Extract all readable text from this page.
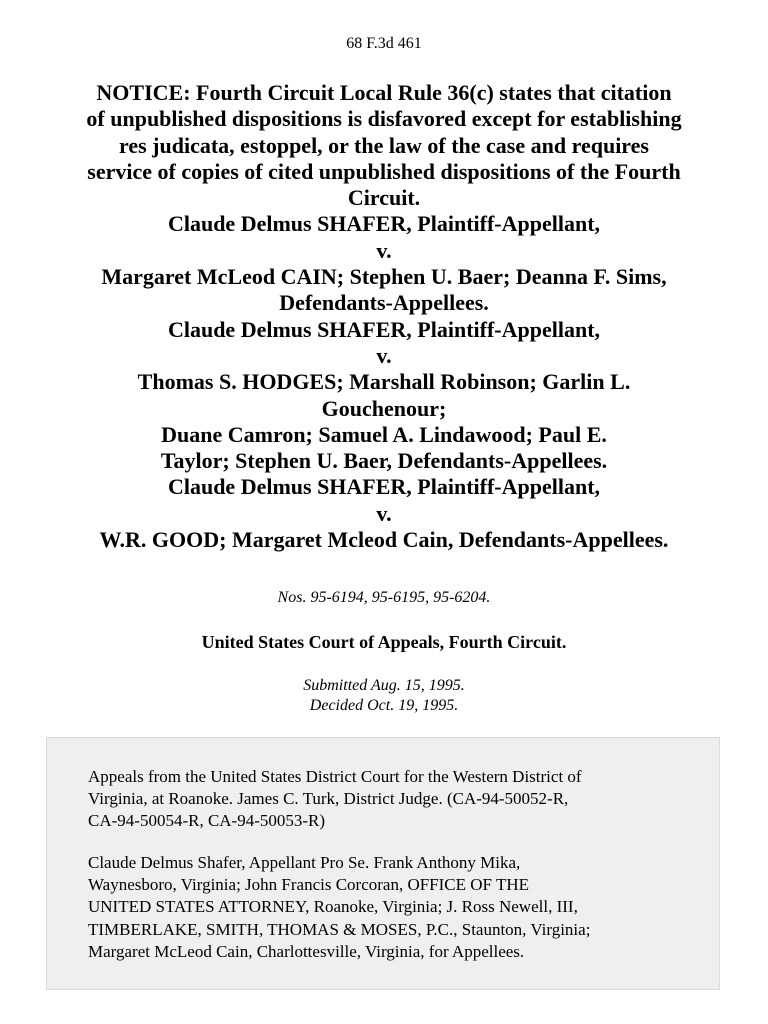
68 F.3d 461
NOTICE: Fourth Circuit Local Rule 36(c) states that citation
of unpublished dispositions is disfavored except for establishing
res judicata, estoppel, or the law of the case and requires
service of copies of cited unpublished dispositions of the Fourth
Circuit.
Claude Delmus SHAFER, Plaintiff-Appellant,
v.
Margaret McLeod CAIN; Stephen U. Baer; Deanna F. Sims,
Defendants-Appellees.
Claude Delmus SHAFER, Plaintiff-Appellant,
v.
Thomas S. HODGES; Marshall Robinson; Garlin L.
Gouchenour;
Duane Camron; Samuel A. Lindawood; Paul E.
Taylor; Stephen U. Baer, Defendants-Appellees.
Claude Delmus SHAFER, Plaintiff-Appellant,
v.
W.R. GOOD; Margaret Mcleod Cain, Defendants-Appellees.
Nos. 95-6194, 95-6195, 95-6204.
United States Court of Appeals, Fourth Circuit.
Submitted Aug. 15, 1995.
Decided Oct. 19, 1995.
Appeals from the United States District Court for the Western District of
Virginia, at Roanoke. James C. Turk, District Judge. (CA-94-50052-R,
CA-94-50054-R, CA-94-50053-R)
Claude Delmus Shafer, Appellant Pro Se. Frank Anthony Mika,
Waynesboro, Virginia; John Francis Corcoran, OFFICE OF THE
UNITED STATES ATTORNEY, Roanoke, Virginia; J. Ross Newell, III,
TIMBERLAKE, SMITH, THOMAS & MOSES, P.C., Staunton, Virginia;
Margaret McLeod Cain, Charlottesville, Virginia, for Appellees.
